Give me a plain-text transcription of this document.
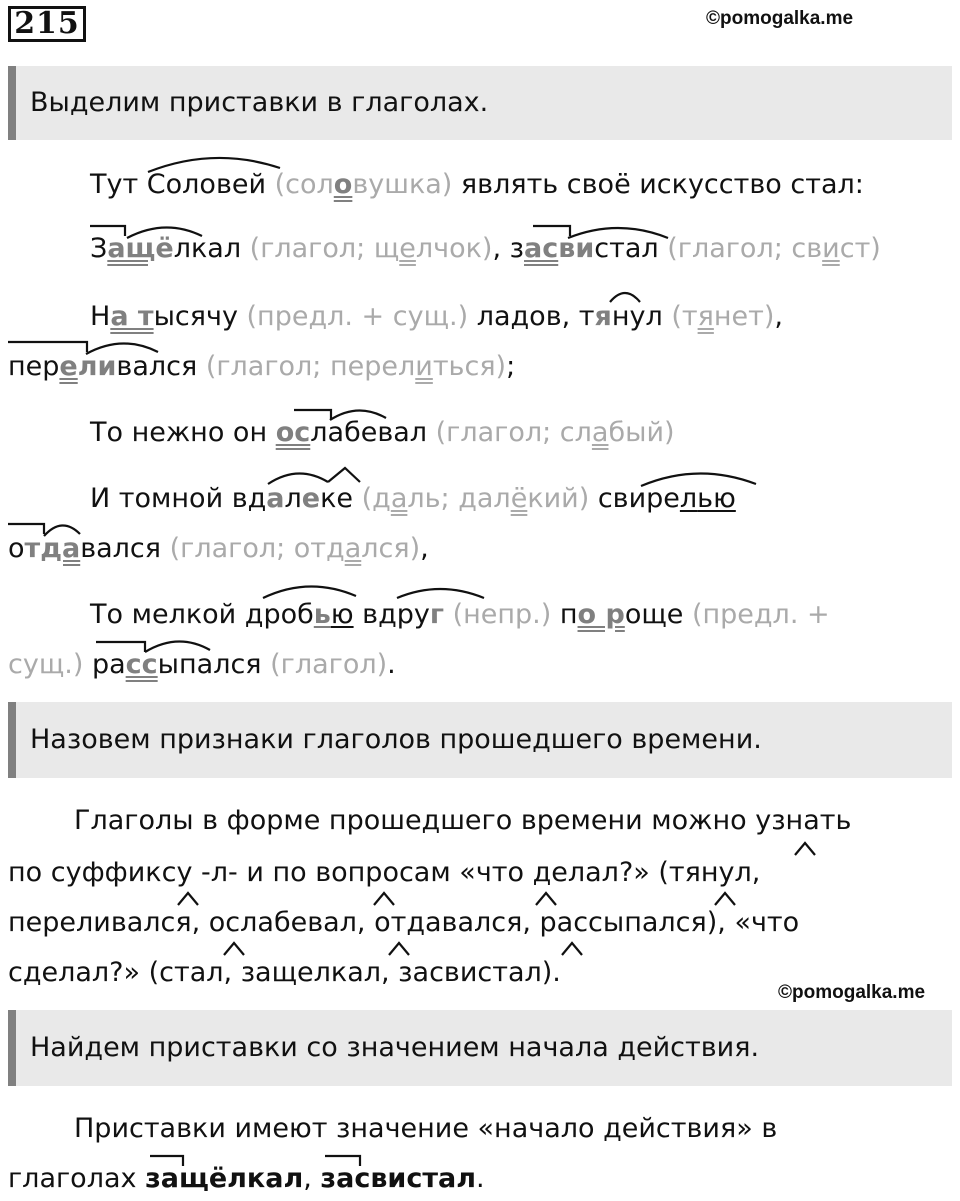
215	©pomogalka.me
Выделим приставки в глаголах.
Тут Соловей (соловушка) являть своё искусство стал:
Защёлкал (глагол; щелчок), засвистал (глагол; свист)
На тысячу (предл. + сущ.) ладов, тянул (тянет),
переливался (глагол; перелиться);
То нежно он ослабевал (глагол; слабый)
И томной вдалеке (даль; далёкий) свирелью
отдавался (глагол; отдался),
То мелкой дробью вдруг (непр.) по роще (предл. +
сущ.) рассыпался (глагол).
Назовем признаки глаголов прошедшего времени.
Глаголы в форме прошедшего времени можно узнать
по суффиксу -л- и по вопросам «что делал?» (тянул,
переливался, ослабевал, отдавался, рассыпался), «что
сделал?» (стал, защелкал, засвистал).
©pomogalka.me
Найдем приставки со значением начала действия.
Приставки имеют значение «начало действия» в
глаголах защёлкал, засвистал.
